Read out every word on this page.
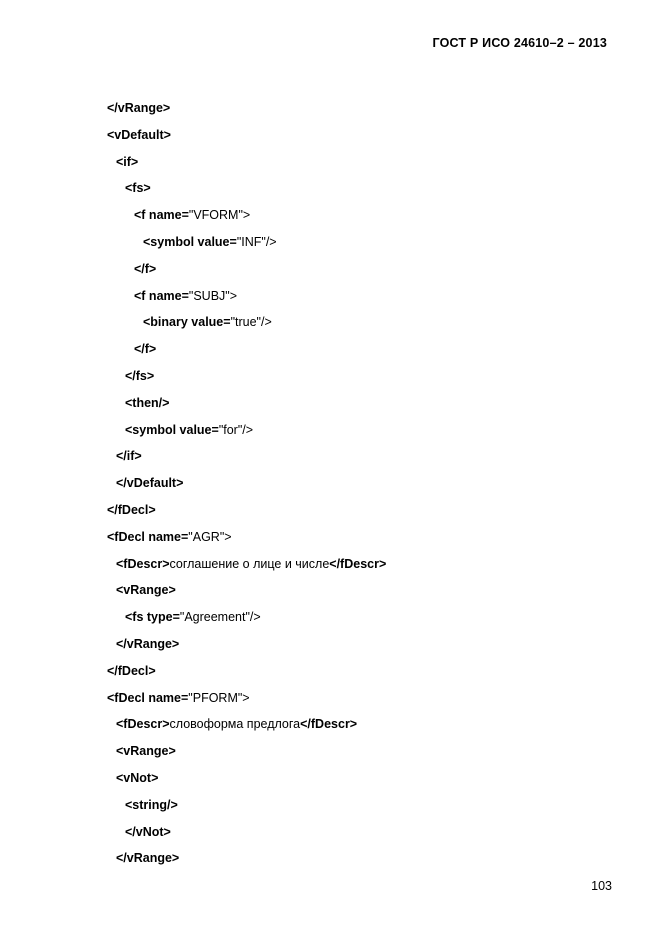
ГОСТ Р ИСО 24610–2 – 2013
</vRange>
<vDefault>
<if>
<fs>
<f name="VFORM">
<symbol value="INF"/>
</f>
<f name="SUBJ">
<binary value="true"/>
</f>
</fs>
<then/>
<symbol value="for"/>
</if>
</vDefault>
</fDecl>
<fDecl name="AGR">
<fDescr>соглашение о лице и числе</fDescr>
<vRange>
<fs type="Agreement"/>
</vRange>
</fDecl>
<fDecl name="PFORM">
<fDescr>словоформа предлога</fDescr>
<vRange>
<vNot>
<string/>
</vNot>
</vRange>
103
